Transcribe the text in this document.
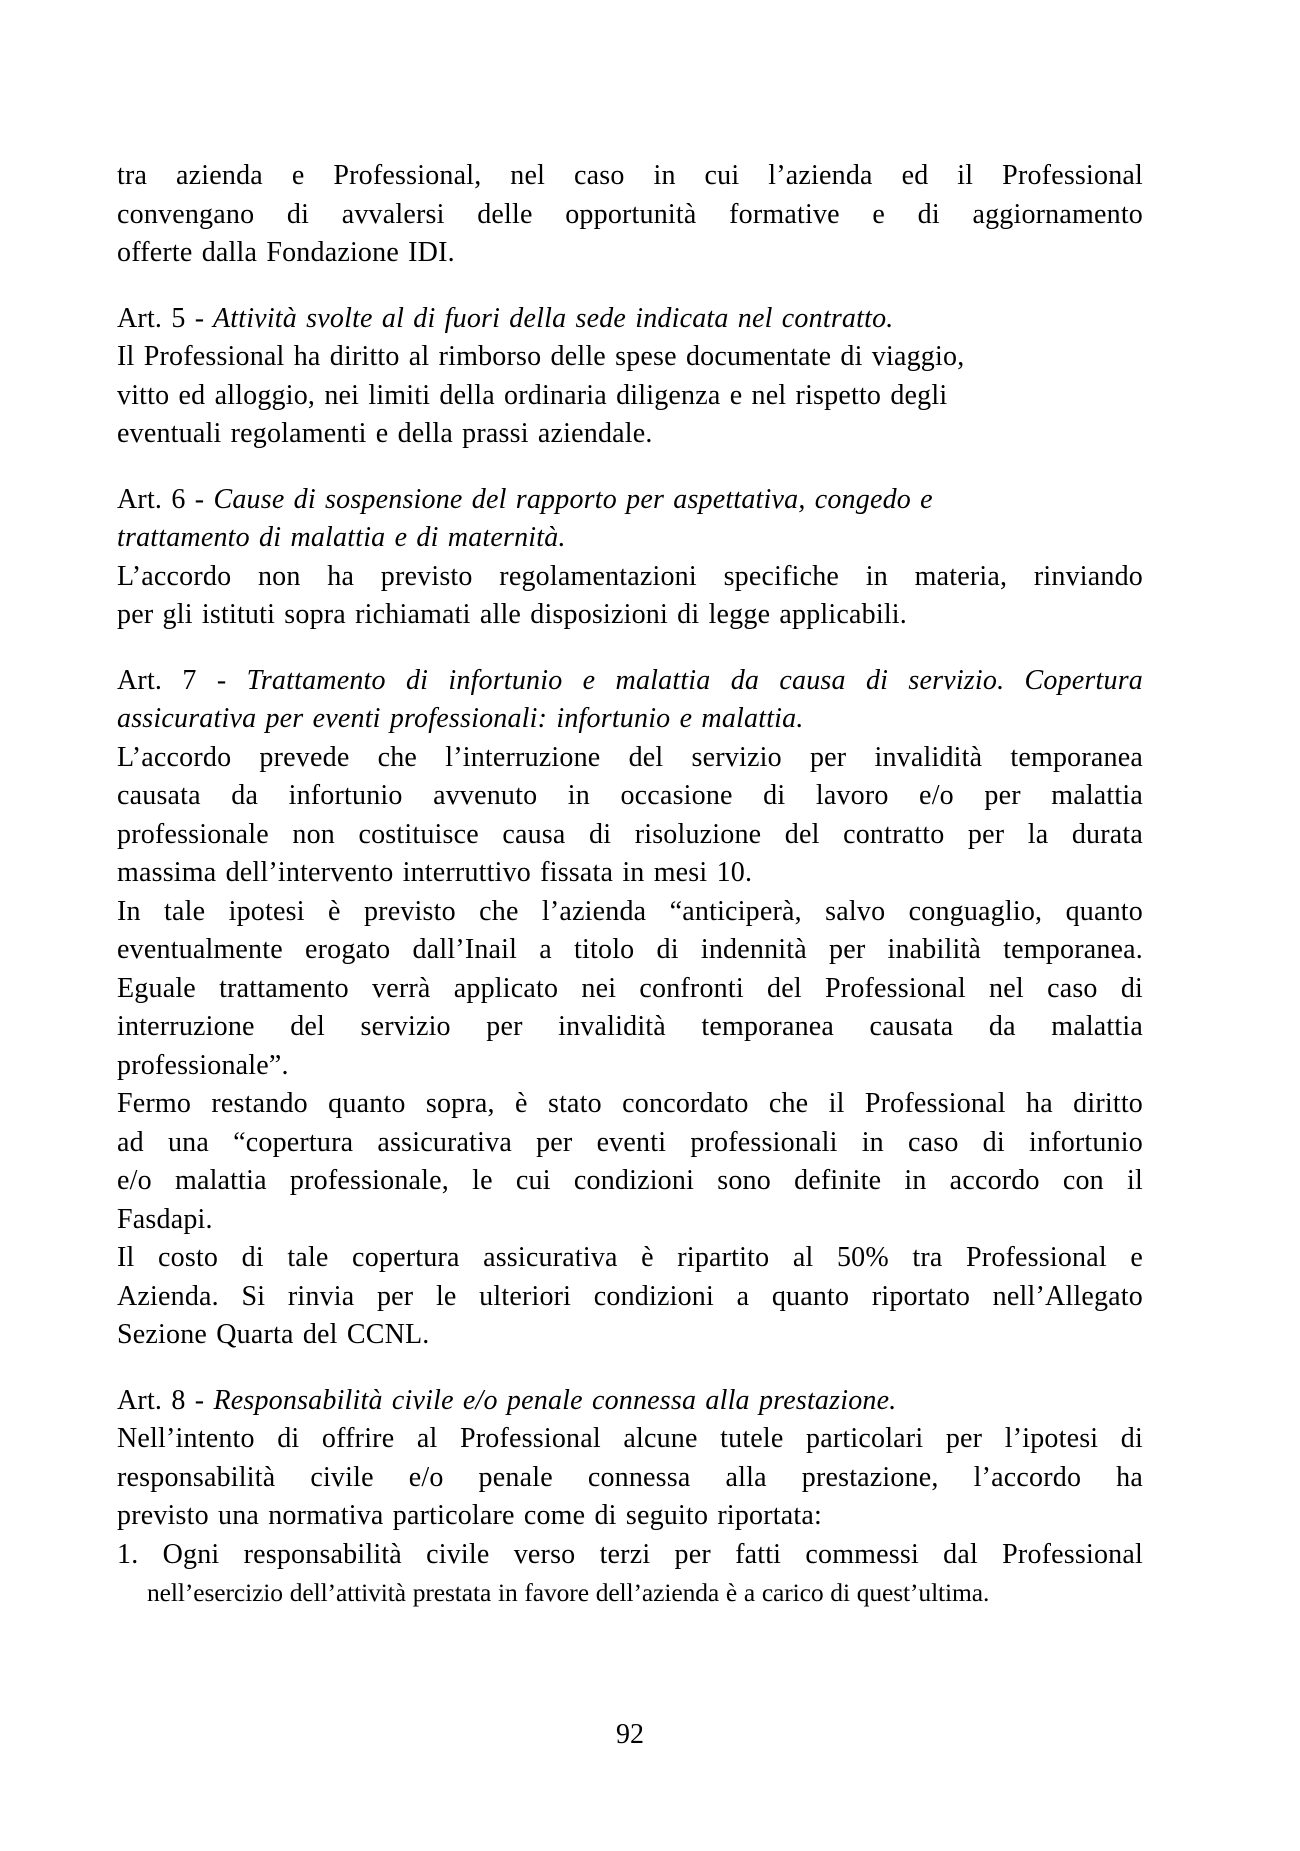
tra azienda e Professional, nel caso in cui l’azienda ed il Professional
convengano di avvalersi delle opportunità formative e di aggiornamento
offerte dalla Fondazione IDI.
Art. 5 - Attività svolte al di fuori della sede indicata nel contratto.
Il Professional ha diritto al rimborso delle spese documentate di viaggio,
vitto ed alloggio, nei limiti della ordinaria diligenza e nel rispetto degli
eventuali regolamenti e della prassi aziendale.
Art. 6 - Cause di sospensione del rapporto per aspettativa, congedo e
trattamento di malattia e di maternità.
L’accordo non ha previsto regolamentazioni specifiche in materia, rinviando
per gli istituti sopra richiamati alle disposizioni di legge applicabili.
Art. 7 - Trattamento di infortunio e malattia da causa di servizio. Copertura
assicurativa per eventi professionali: infortunio e malattia.
L’accordo prevede che l’interruzione del servizio per invalidità temporanea
causata da infortunio avvenuto in occasione di lavoro e/o per malattia
professionale non costituisce causa di risoluzione del contratto per la durata
massima dell’intervento interruttivo fissata in mesi 10.
In tale ipotesi è previsto che l’azienda “anticiperà, salvo conguaglio, quanto
eventualmente erogato dall’Inail a titolo di indennità per inabilità temporanea.
Eguale trattamento verrà applicato nei confronti del Professional nel caso di
interruzione del servizio per invalidità temporanea causata da malattia
professionale”.
Fermo restando quanto sopra, è stato concordato che il Professional ha diritto
ad una “copertura assicurativa per eventi professionali in caso di infortunio
e/o malattia professionale, le cui condizioni sono definite in accordo con il
Fasdapi.
Il costo di tale copertura assicurativa è ripartito al 50% tra Professional e
Azienda. Si rinvia per le ulteriori condizioni a quanto riportato nell’Allegato
Sezione Quarta del CCNL.
Art. 8 - Responsabilità civile e/o penale connessa alla prestazione.
Nell’intento di offrire al Professional alcune tutele particolari per l’ipotesi di
responsabilità civile e/o penale connessa alla prestazione, l’accordo ha
previsto una normativa particolare come di seguito riportata:
1. Ogni responsabilità civile verso terzi per fatti commessi dal Professional
nell’esercizio dell’attività prestata in favore dell’azienda è a carico di quest’ultima.
92
